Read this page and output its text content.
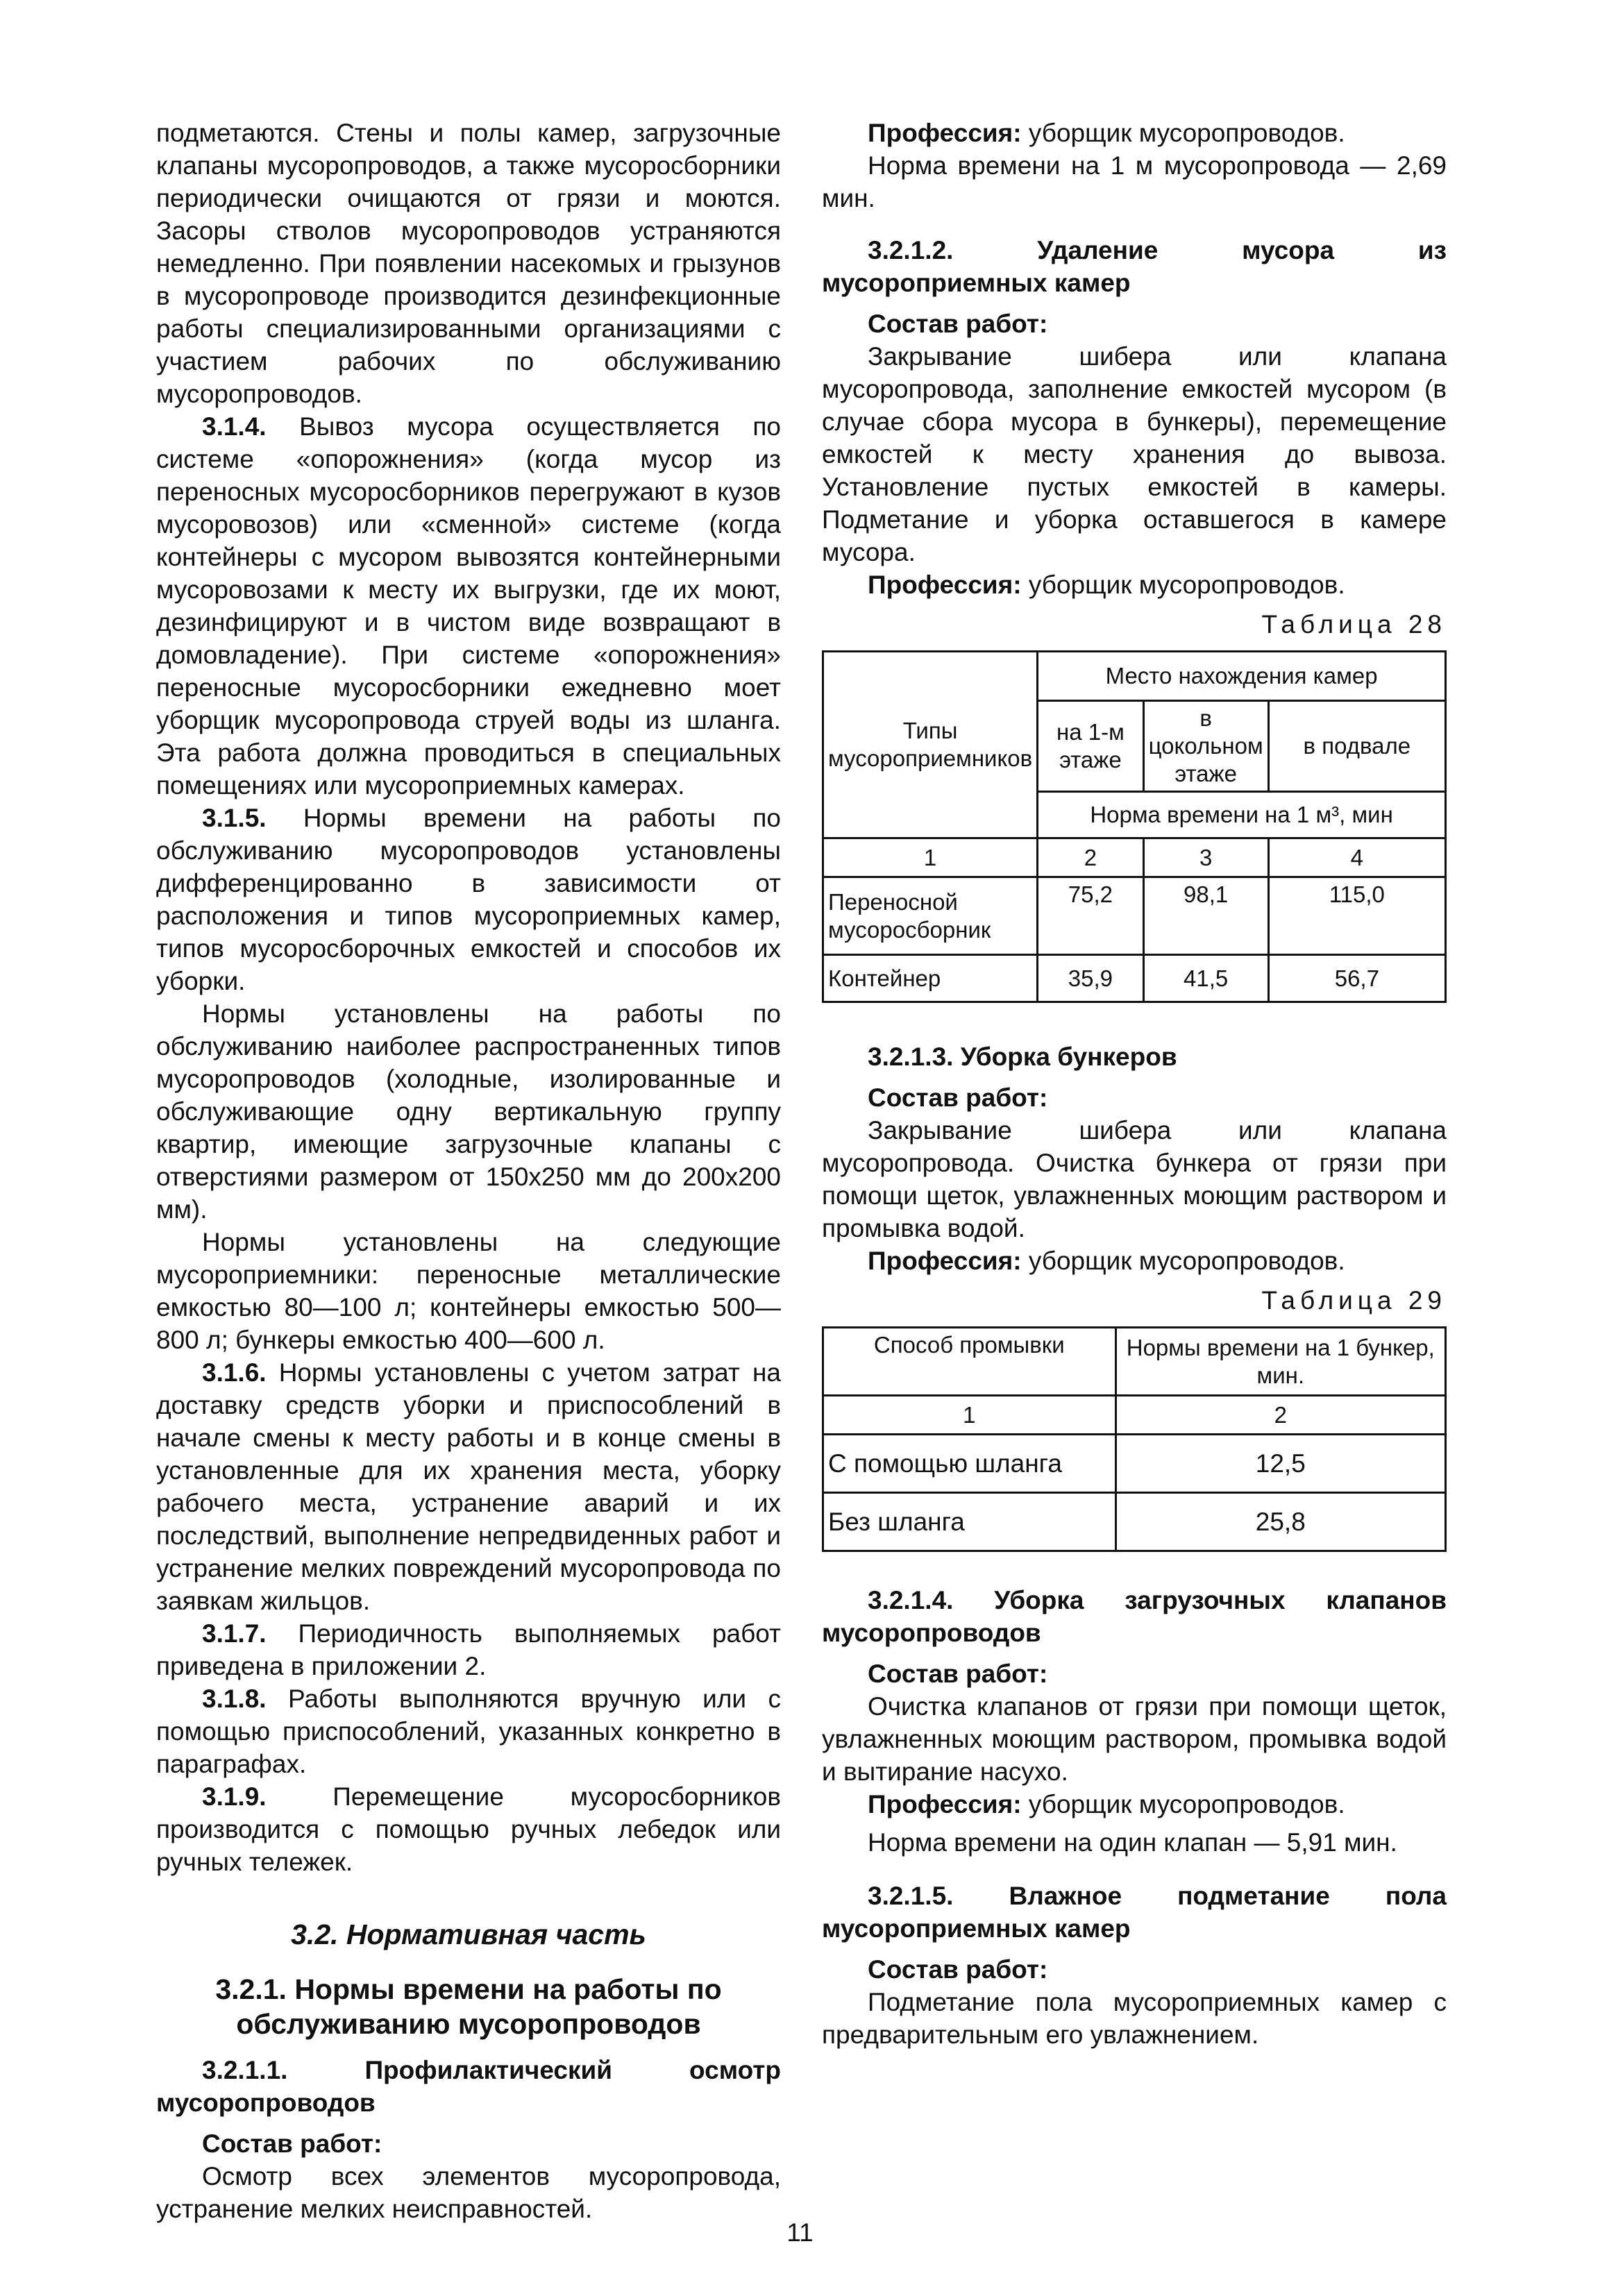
подметаются. Стены и полы камер, загрузочные клапаны мусоропроводов, а также мусоросборники периодически очищаются от грязи и моются. Засоры стволов мусоропроводов устраняются немедленно. При появлении насекомых и грызунов в мусоропроводе производится дезинфекционные работы специализированными организациями с участием рабочих по обслуживанию мусоропроводов.

3.1.4. Вывоз мусора осуществляется по системе «опорожнения» (когда мусор из переносных мусоросборников перегружают в кузов мусоровозов) или «сменной» системе (когда контейнеры с мусором вывозятся контейнерными мусоровозами к месту их выгрузки, где их моют, дезинфицируют и в чистом виде возвращают в домовладение). При системе «опорожнения» переносные мусоросборники ежедневно моет уборщик мусоропровода струей воды из шланга. Эта работа должна проводиться в специальных помещениях или мусороприемных камерах.

3.1.5. Нормы времени на работы по обслуживанию мусоропроводов установлены дифференцированно в зависимости от расположения и типов мусороприемных камер, типов мусоросборочных емкостей и способов их уборки.

Нормы установлены на работы по обслуживанию наиболее распространенных типов мусоропроводов (холодные, изолированные и обслуживающие одну вертикальную группу квартир, имеющие загрузочные клапаны с отверстиями размером от 150x250 мм до 200x200 мм).

Нормы установлены на следующие мусороприемники: переносные металлические емкостью 80—100 л; контейнеры емкостью 500—800 л; бункеры емкостью 400—600 л.

3.1.6. Нормы установлены с учетом затрат на доставку средств уборки и приспособлений в начале смены к месту работы и в конце смены в установленные для их хранения места, уборку рабочего места, устранение аварий и их последствий, выполнение непредвиденных работ и устранение мелких повреждений мусоропровода по заявкам жильцов.

3.1.7. Периодичность выполняемых работ приведена в приложении 2.

3.1.8. Работы выполняются вручную или с помощью приспособлений, указанных конкретно в параграфах.

3.1.9.	Перемещение мусоросборников производится с помощью ручных лебедок или ручных тележек.

3.2. Нормативная часть
3.2.1. Нормы времени на работы по обслуживанию мусоропроводов

3.2.1.1. Профилактический осмотр мусоропроводов

Состав работ:

Осмотр всех элементов мусоропровода, устранение мелких неисправностей.

Профессия: уборщик мусоропроводов.

Норма времени на 1 м мусоропровода — 2,69 мин.

3.2.1.2. Удаление мусора из мусороприемных камер

Состав работ:

Закрывание шибера или клапана мусоропровода, заполнение емкостей мусором (в случае сбора мусора в бункеры), перемещение емкостей к месту хранения до вывоза. Установление пустых емкостей в камеры. Подметание и уборка оставшегося в камере мусора.

Профессия: уборщик мусоропроводов.

Таблица 28
Типы мусороприемников	Место нахождения камер		
	на 1-м этаже	в цокольном этаже	в подвале
	Норма времени на 1 м³, мин		
1	2	3	4
Переносной мусоросборник	75,2	98,1	115,0
Контейнер	35,9	41,5	56,7

3.2.1.3. Уборка бункеров

Состав работ:

Закрывание шибера или клапана мусоропровода. Очистка бункера от грязи при помощи щеток, увлажненных моющим раствором и промывка водой.

Профессия: уборщик мусоропроводов.

Таблица 29
Способ промывки	Нормы времени на 1 бункер, мин.
1	2
С помощью шланга	12,5
Без шланга	25,8

3.2.1.4. Уборка загрузочных клапанов мусоропроводов

Состав работ:

Очистка клапанов от грязи при помощи щеток, увлажненных моющим раствором, промывка водой и вытирание насухо.

Профессия: уборщик мусоропроводов.

Норма времени на один клапан — 5,91 мин.

3.2.1.5. Влажное подметание пола мусороприемных камер

Состав работ:

Подметание пола мусороприемных камер с предварительным его увлажнением.

11
